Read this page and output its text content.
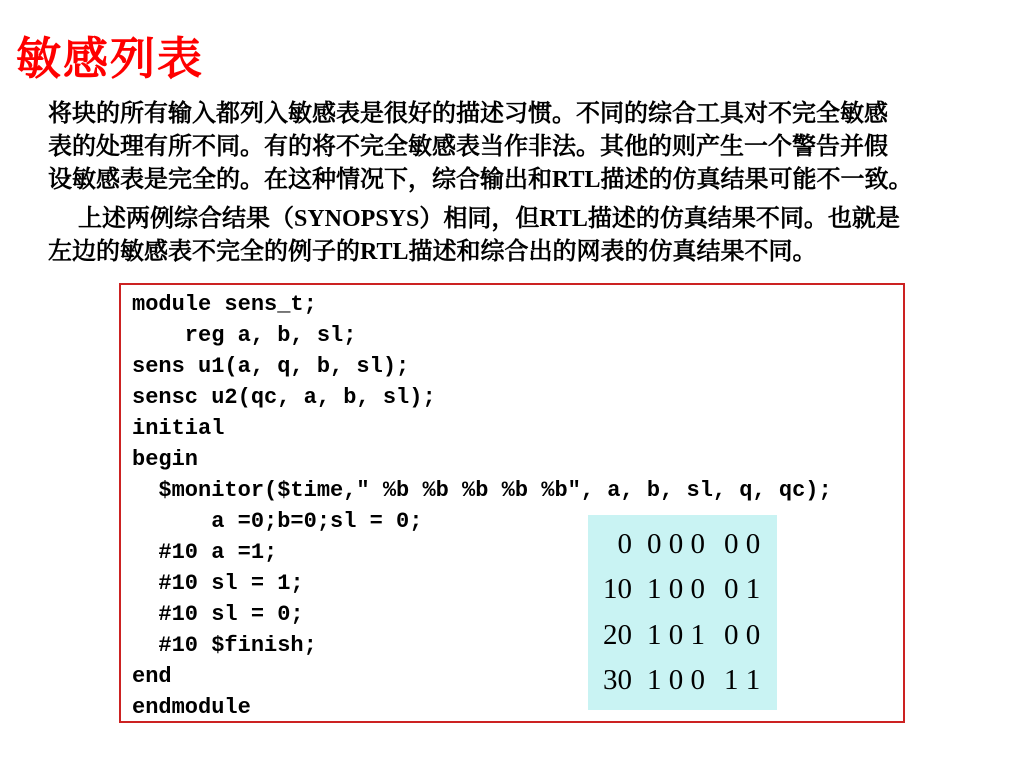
敏感列表
将块的所有输入都列入敏感表是很好的描述习惯。不同的综合工具对不完全敏感
表的处理有所不同。有的将不完全敏感表当作非法。其他的则产生一个警告并假
设敏感表是完全的。在这种情况下，综合输出和RTL描述的仿真结果可能不一致。
上述两例综合结果（SYNOPSYS）相同，但RTL描述的仿真结果不同。也就是
左边的敏感表不完全的例子的RTL描述和综合出的网表的仿真结果不同。
module sens_t;
reg a, b, sl;
sens u1(a, q, b, sl);
sensc u2(qc, a, b, sl);
initial
begin
$monitor($time,″ %b %b %b %b %b″, a, b, sl, q, qc);
a =0;b=0;sl = 0;
#10 a =1;
#10 sl = 1;
#10 sl = 0;
#10 $finish;
end
endmodule
0 0 0 0 0 0
10 1 0 0 0 1
20 1 0 1 0 0
30 1 0 0 1 1
